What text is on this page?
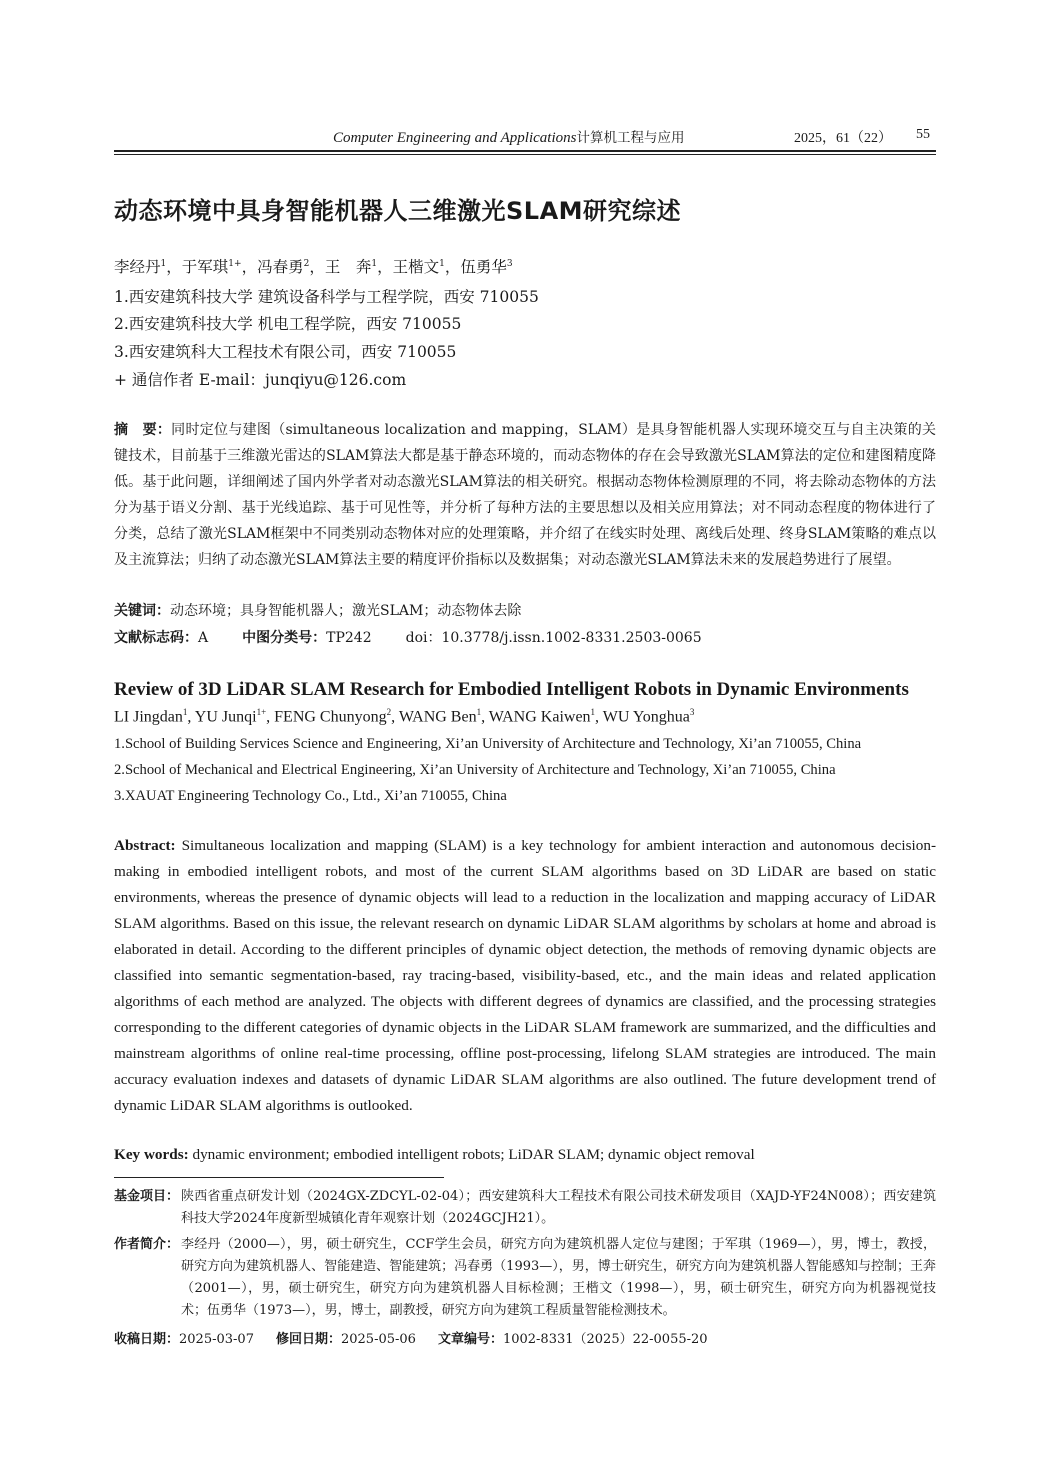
Computer Engineering and Applications计算机工程与应用	2025，61（22） 55
动态环境中具身智能机器人三维激光SLAM研究综述
李经丹$^1$，于军琪$^{1+}$，冯春勇$^2$，王　奔$^1$，王楷文$^1$，伍勇华$^3$
1.西安建筑科技大学 建筑设备科学与工程学院，西安 710055
2.西安建筑科技大学 机电工程学院，西安 710055
3.西安建筑科大工程技术有限公司，西安 710055
+ 通信作者 E-mail：junqiyu@126.com
摘　要：同时定位与建图（simultaneous localization and mapping，SLAM）是具身智能机器人实现环境交互与自主决策的关键技术，目前基于三维激光雷达的SLAM算法大都是基于静态环境的，而动态物体的存在会导致激光SLAM算法的定位和建图精度降低。基于此问题，详细阐述了国内外学者对动态激光SLAM算法的相关研究。根据动态物体检测原理的不同，将去除动态物体的方法分为基于语义分割、基于光线追踪、基于可见性等，并分析了每种方法的主要思想以及相关应用算法；对不同动态程度的物体进行了分类，总结了激光SLAM框架中不同类别动态物体对应的处理策略，并介绍了在线实时处理、离线后处理、终身SLAM策略的难点以及主流算法；归纳了动态激光SLAM算法主要的精度评价指标以及数据集；对动态激光SLAM算法未来的发展趋势进行了展望。
关键词：动态环境；具身智能机器人；激光SLAM；动态物体去除
文献标志码：A 中图分类号：TP242 doi：10.3778/j.issn.1002-8331.2503-0065
Review of 3D LiDAR SLAM Research for Embodied Intelligent Robots in Dynamic Environments
LI Jingdan$^1$, YU Junqi$^{1+}$, FENG Chunyong$^2$, WANG Ben$^1$, WANG Kaiwen$^1$, WU Yonghua$^3$
1.School of Building Services Science and Engineering, Xi’an University of Architecture and Technology, Xi’an 710055, China
2.School of Mechanical and Electrical Engineering, Xi’an University of Architecture and Technology, Xi’an 710055, China
3.XAUAT Engineering Technology Co., Ltd., Xi’an 710055, China
Abstract: Simultaneous localization and mapping (SLAM) is a key technology for ambient interaction and autonomous decision-making in embodied intelligent robots, and most of the current SLAM algorithms based on 3D LiDAR are based on static environments, whereas the presence of dynamic objects will lead to a reduction in the localization and mapping accuracy of LiDAR SLAM algorithms. Based on this issue, the relevant research on dynamic LiDAR SLAM algorithms by scholars at home and abroad is elaborated in detail. According to the different principles of dynamic object detection, the methods of removing dynamic objects are classified into semantic segmentation-based, ray tracing-based, visibility-based, etc., and the main ideas and related application algorithms of each method are analyzed. The objects with different degrees of dynamics are classified, and the processing strategies corresponding to the different categories of dynamic objects in the LiDAR SLAM framework are summarized, and the difficulties and mainstream algorithms of online real-time processing, offline post-processing, lifelong SLAM strategies are introduced. The main accuracy evaluation indexes and datasets of dynamic LiDAR SLAM algorithms are also outlined. The future development trend of dynamic LiDAR SLAM algorithms is outlooked.
Key words: dynamic environment; embodied intelligent robots; LiDAR SLAM; dynamic object removal
基金项目： 陕西省重点研发计划（2024GX-ZDCYL-02-04）；西安建筑科大工程技术有限公司技术研发项目（XAJD-YF24N008）；西安建筑科技大学2024年度新型城镇化青年观察计划（2024GCJH21）。
作者简介： 李经丹（2000—），男，硕士研究生，CCF学生会员，研究方向为建筑机器人定位与建图；于军琪（1969—），男，博士，教授，研究方向为建筑机器人、智能建造、智能建筑；冯春勇（1993—），男，博士研究生，研究方向为建筑机器人智能感知与控制；王奔（2001—），男，硕士研究生，研究方向为建筑机器人目标检测；王楷文（1998—），男，硕士研究生，研究方向为机器视觉技术；伍勇华（1973—），男，博士，副教授，研究方向为建筑工程质量智能检测技术。
收稿日期：2025-03-07 修回日期：2025-05-06 文章编号：1002-8331（2025）22-0055-20
